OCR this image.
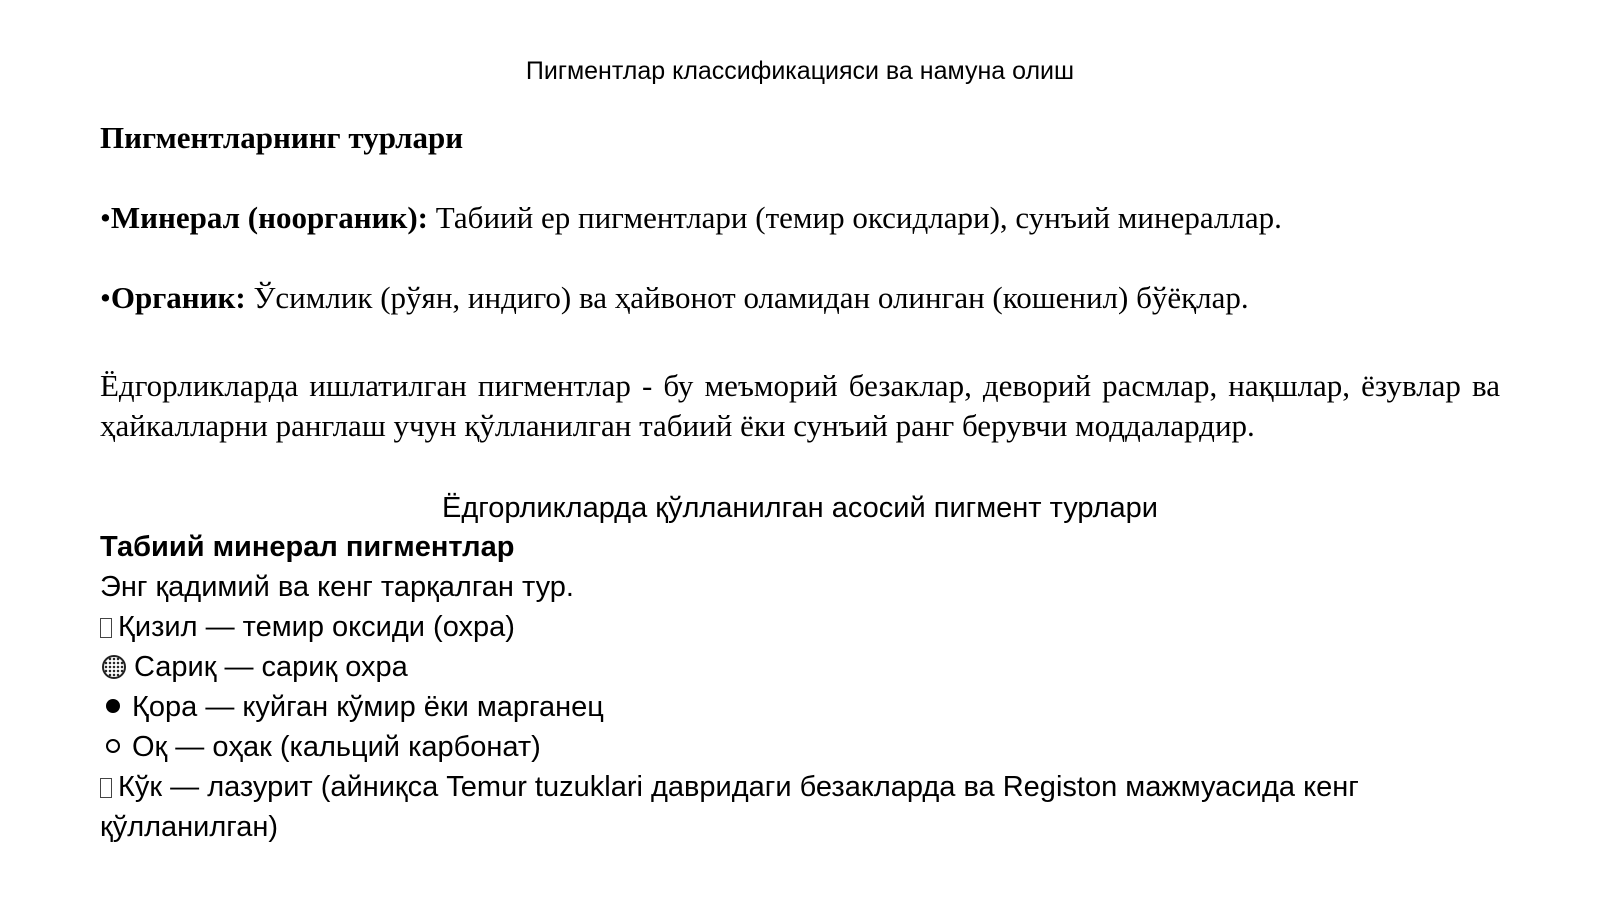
Пигментлар классификацияси ва намуна олиш
Пигментларнинг турлари
•Минерал (ноорганик): Табиий ер пигментлари (темир оксидлари), сунъий минераллар.
•Органик: Ўсимлик (рўян, индиго) ва ҳайвонот оламидан олинган (кошенил) бўёқлар.
Ёдгорликларда ишлатилган пигментлар - бу меъморий безаклар, деворий расмлар, нақшлар, ёзувлар ва ҳайкалларни ранглаш учун қўлланилган табиий ёки сунъий ранг берувчи моддалардир.
Ёдгорликларда қўлланилган асосий пигмент турлари
Табиий минерал пигментлар
Энг қадимий ва кенг тарқалган тур.
Қизил — темир оксиди (охра)
Сариқ — сариқ охра
Қора — куйган кўмир ёки марганец
Оқ — оҳак (кальций карбонат)
Кўк — лазурит (айниқса Temur tuzuklari давридаги безакларда ва Registon мажмуасида кенг қўлланилган)
